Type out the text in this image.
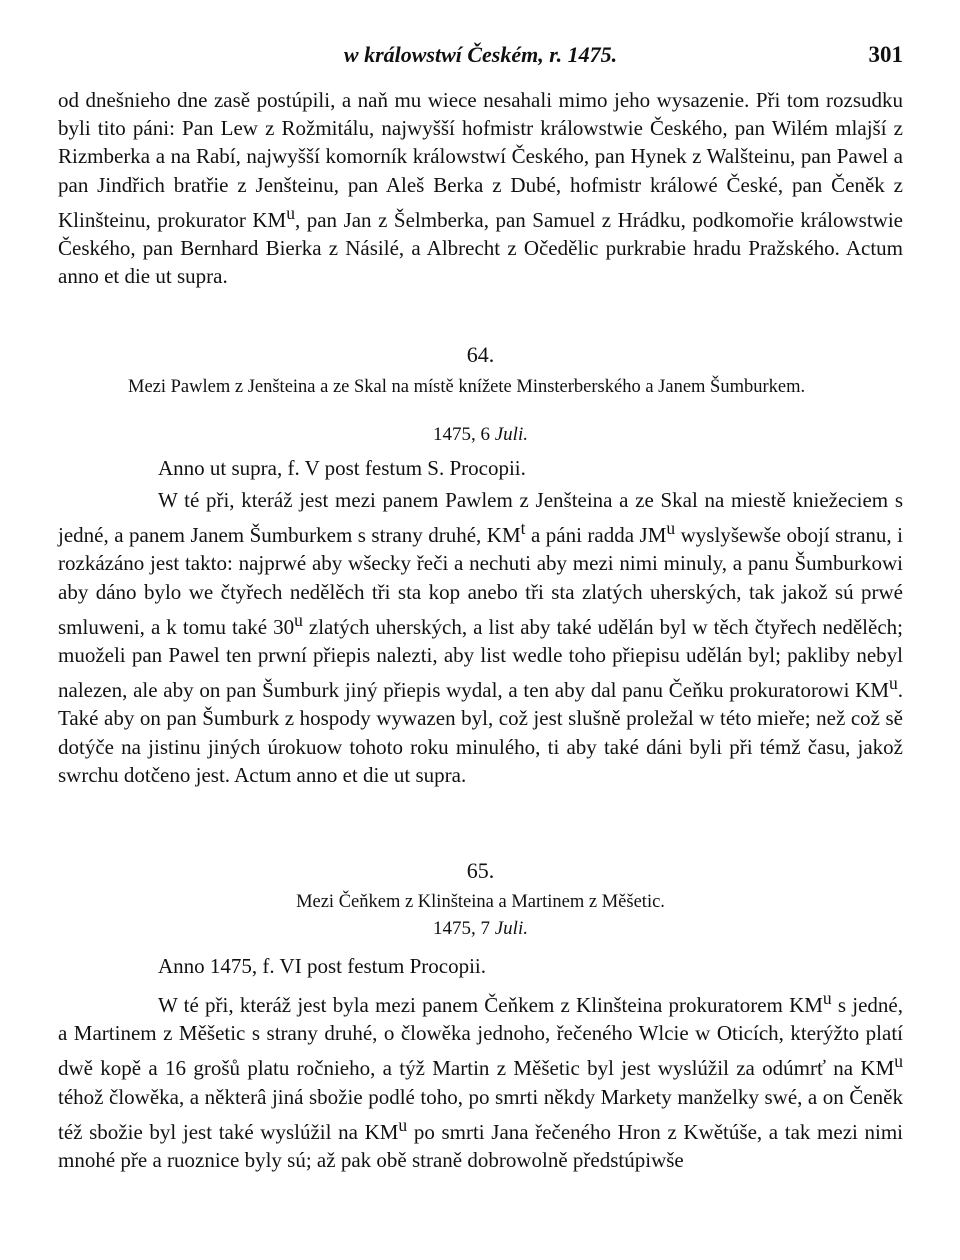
w králowstwí Českém, r. 1475.	301

od dnešnieho dne zasě postúpili, a naň mu wiece nesahali mimo jeho wysazenie. Při tom rozsudku byli tito páni: Pan Lew z Rožmitálu, najwyšší hofmistr králowstwie Českého, pan Wilém mlajší z Rizmberka a na Rabí, najwyšší komorník králowstwí Českého, pan Hynek z Walšteinu, pan Pawel a pan Jindřich bratřie z Jenšteinu, pan Aleš Berka z Dubé, hofmistr králowé České, pan Čeněk z Klinšteinu, prokurator $KM^u$, pan Jan z Šelmberka, pan Samuel z Hrádku, podkomořie králowstwie Českého, pan Bernhard Bierka z Násilé, a Albrecht z Očedělic purkrabie hradu Pražského. Actum anno et die ut supra.

64.

Mezi Pawlem z Jenšteina a ze Skal na místě knížete Minsterberského a Janem Šumburkem.

1475, 6 Juli.

Anno ut supra, f. V post festum S. Procopii.

W té při, kteráž jest mezi panem Pawlem z Jenšteina a ze Skal na miestě kniežeciem s jedné, a panem Janem Šumburkem s strany druhé, $KM^t$ a páni radda $JM^u$ wyslyšewše obojí stranu, i rozkázáno jest takto: najprwé aby wšecky řeči a nechuti aby mezi nimi minuly, a panu Šumburkowi aby dáno bylo we čtyřech nedělěch tři sta kop anebo tři sta zlatých uherských, tak jakož sú prwé smluweni, a k tomu také 30$^u$ zlatých uherských, a list aby také udělán byl w těch čtyřech nedělěch; muoželi pan Pawel ten prwní přiepis nalezti, aby list wedle toho přiepisu udělán byl; pakliby nebyl nalezen, ale aby on pan Šumburk jiný přiepis wydal, a ten aby dal panu Čeňku prokuratorowi $KM^u$. Také aby on pan Šumburk z hospody wywazen byl, což jest slušně proležal w této mieře; než což sě dotýče na jistinu jiných úrokuow tohoto roku minulého, ti aby také dáni byli při témž času, jakož swrchu dotčeno jest. Actum anno et die ut supra.

65.

Mezi Čeňkem z Klinšteina a Martinem z Měšetic.

1475, 7 Juli.

Anno 1475, f. VI post festum Procopii.

W té při, kteráž jest byla mezi panem Čeňkem z Klinšteina prokuratorem $KM^u$ s jedné, a Martinem z Měšetic s strany druhé, o člowěka jednoho, řečeného Wlcie w Oticích, kterýžto platí dwě kopě a 16 grošů platu ročnieho, a týž Martin z Měšetic byl jest wyslúžil za odúmrť na $KM^u$ téhož člowěka, a některâ jiná sbožie podlé toho, po smrti někdy Markety manželky swé, a on Čeněk též sbožie byl jest také wyslúžil na $KM^u$ po smrti Jana řečeného Hron z Kwětúše, a tak mezi nimi mnohé pře a ruoznice byly sú; až pak obě straně dobrowolně předstúpiwše
